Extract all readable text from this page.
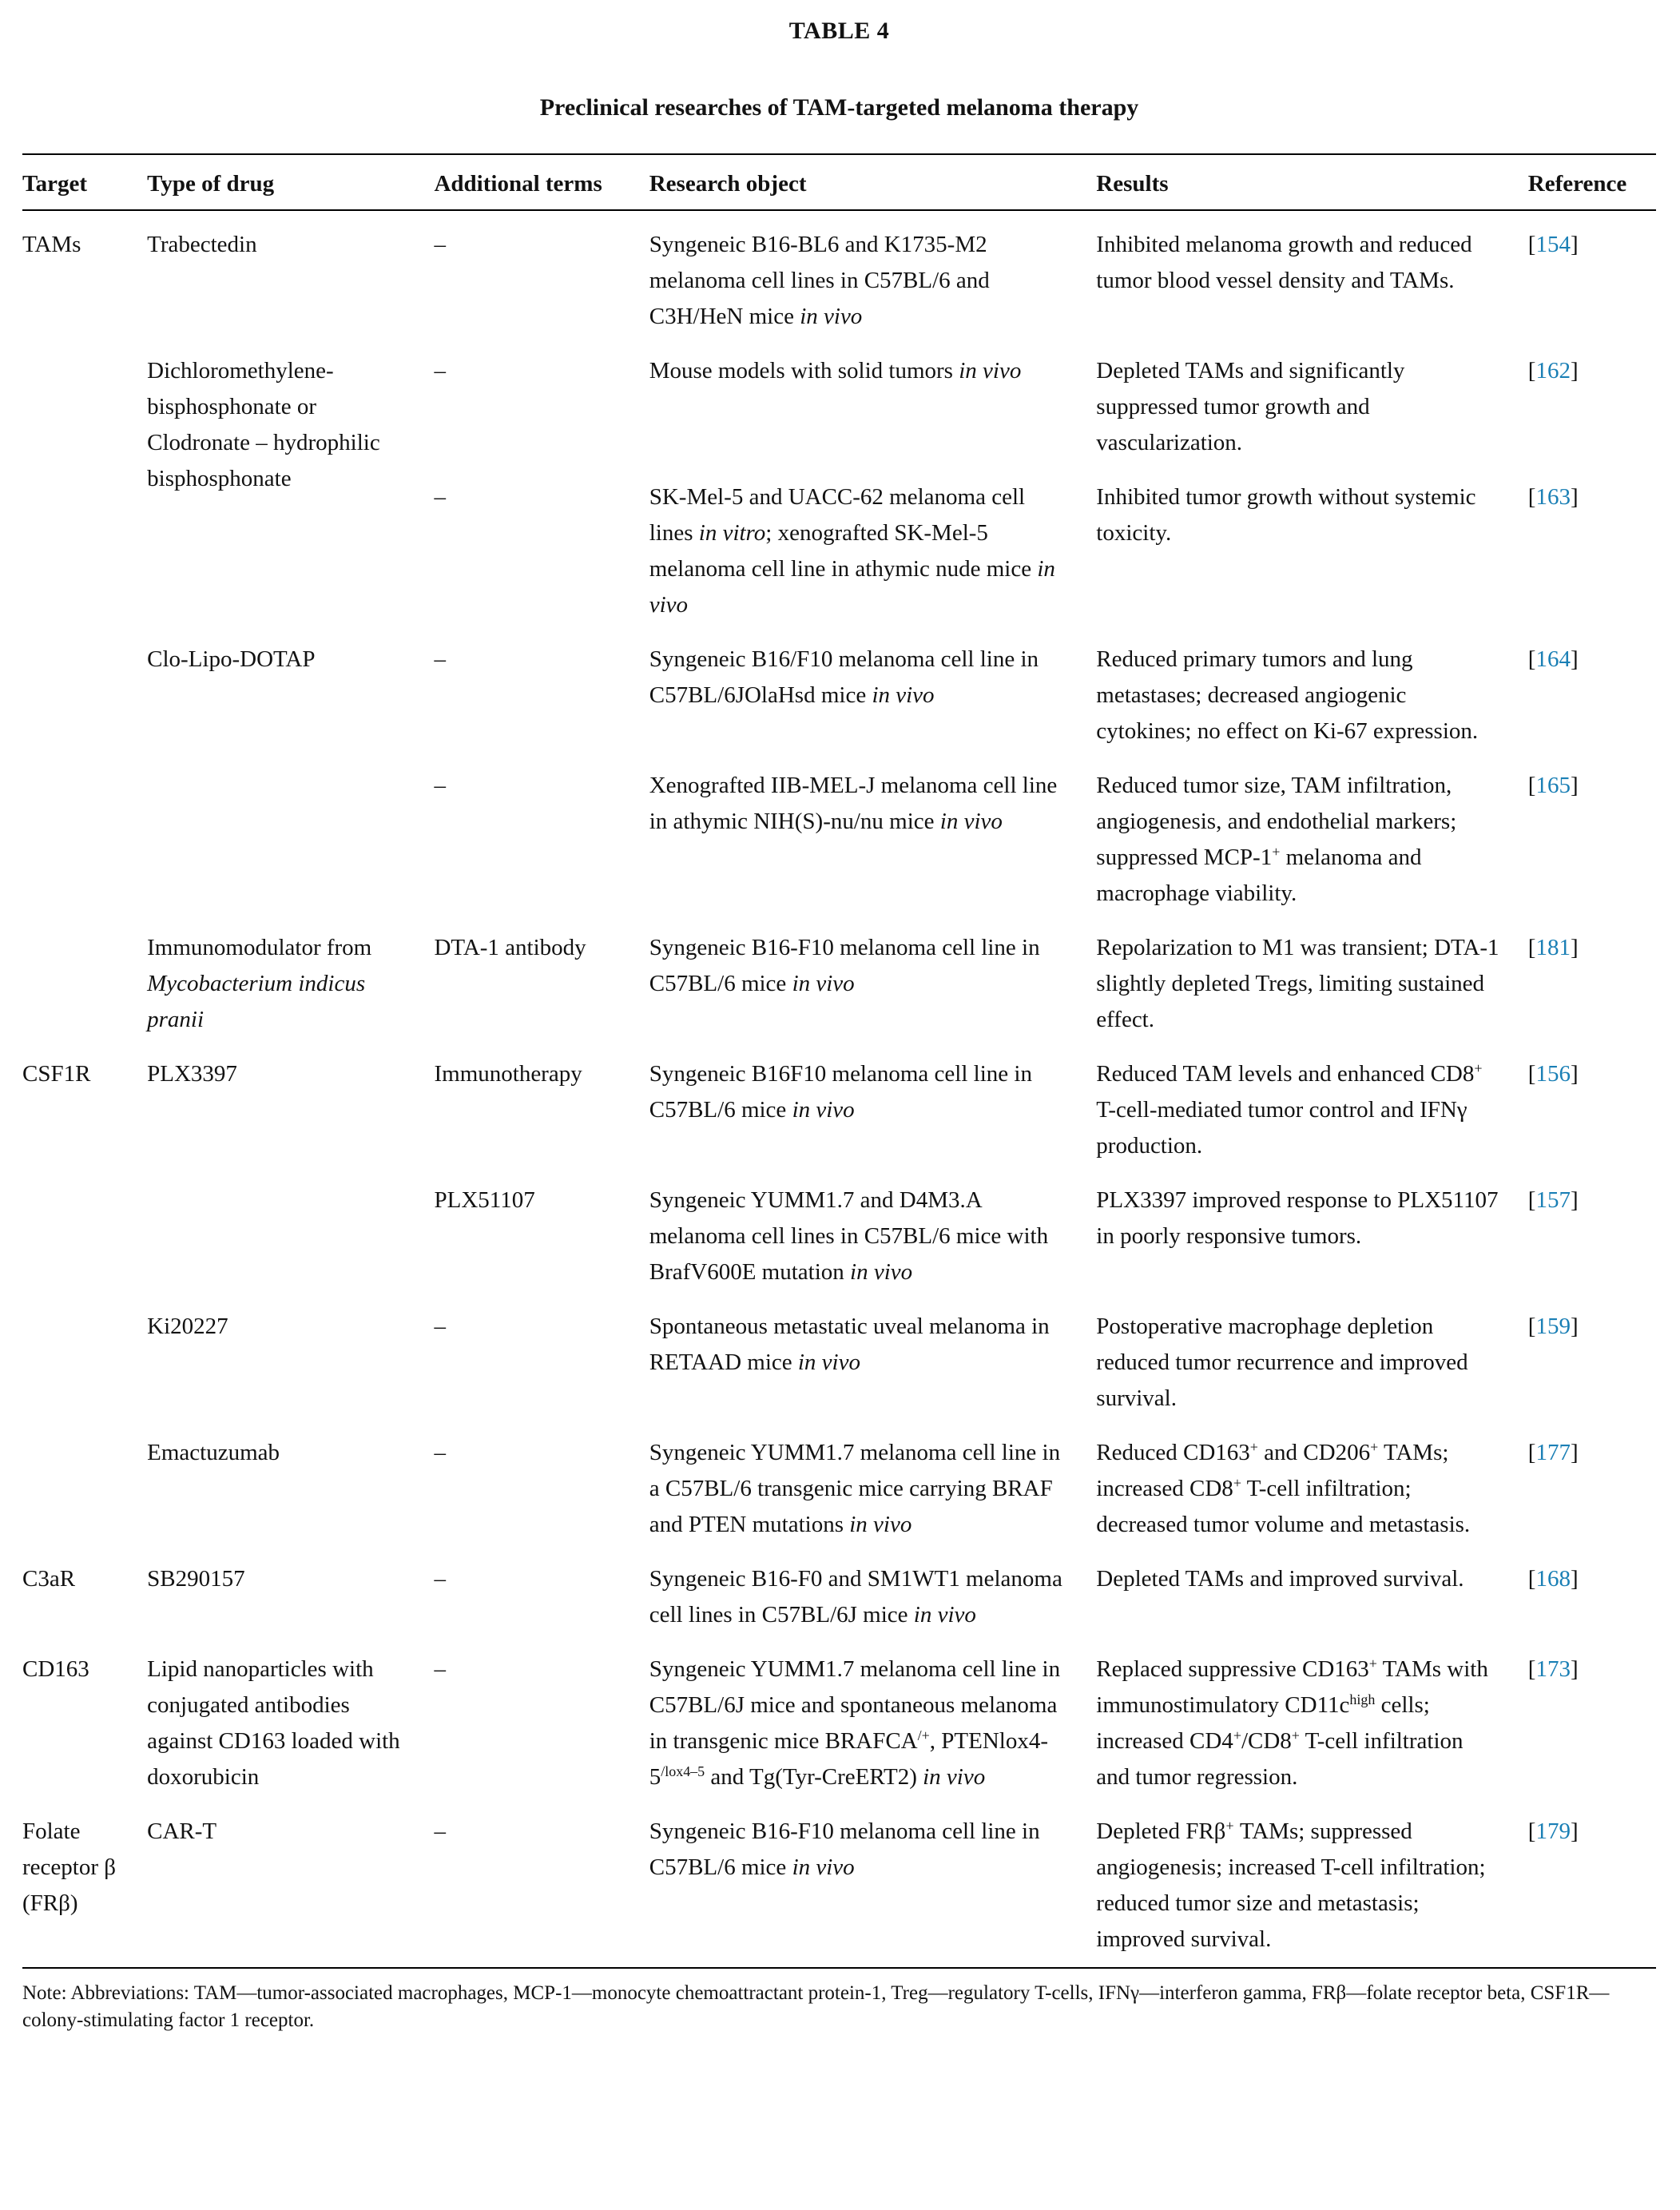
TABLE 4
Preclinical researches of TAM-targeted melanoma therapy
Target	Type of drug	Additional terms	Research object	Results	Reference
TAMs	Trabectedin	–	Syngeneic B16-BL6 and K1735-M2 melanoma cell lines in C57BL/6 and C3H/HeN mice in vivo	Inhibited melanoma growth and reduced tumor blood vessel density and TAMs.	[154]
	Dichloromethylene-bisphosphonate or Clodronate – hydrophilic bisphosphonate	–	Mouse models with solid tumors in vivo	Depleted TAMs and significantly suppressed tumor growth and vascularization.	[162]
		–	SK-Mel-5 and UACC-62 melanoma cell lines in vitro; xenografted SK-Mel-5 melanoma cell line in athymic nude mice in vivo	Inhibited tumor growth without systemic toxicity.	[163]
	Clo-Lipo-DOTAP	–	Syngeneic B16/F10 melanoma cell line in C57BL/6JOlaHsd mice in vivo	Reduced primary tumors and lung metastases; decreased angiogenic cytokines; no effect on Ki-67 expression.	[164]
		–	Xenografted IIB-MEL-J melanoma cell line in athymic NIH(S)-nu/nu mice in vivo	Reduced tumor size, TAM infiltration, angiogenesis, and endothelial markers; suppressed MCP-1+ melanoma and macrophage viability.	[165]
	Immunomodulator from Mycobacterium indicus pranii	DTA-1 antibody	Syngeneic B16-F10 melanoma cell line in C57BL/6 mice in vivo	Repolarization to M1 was transient; DTA-1 slightly depleted Tregs, limiting sustained effect.	[181]
CSF1R	PLX3397	Immunotherapy	Syngeneic B16F10 melanoma cell line in C57BL/6 mice in vivo	Reduced TAM levels and enhanced CD8+ T-cell-mediated tumor control and IFNγ production.	[156]
		PLX51107	Syngeneic YUMM1.7 and D4M3.A melanoma cell lines in C57BL/6 mice with BrafV600E mutation in vivo	PLX3397 improved response to PLX51107 in poorly responsive tumors.	[157]
	Ki20227	–	Spontaneous metastatic uveal melanoma in RETAAD mice in vivo	Postoperative macrophage depletion reduced tumor recurrence and improved survival.	[159]
	Emactuzumab	–	Syngeneic YUMM1.7 melanoma cell line in a C57BL/6 transgenic mice carrying BRAF and PTEN mutations in vivo	Reduced CD163+ and CD206+ TAMs; increased CD8+ T-cell infiltration; decreased tumor volume and metastasis.	[177]
C3aR	SB290157	–	Syngeneic B16-F0 and SM1WT1 melanoma cell lines in C57BL/6J mice in vivo	Depleted TAMs and improved survival.	[168]
CD163	Lipid nanoparticles with conjugated antibodies against CD163 loaded with doxorubicin	–	Syngeneic YUMM1.7 melanoma cell line in C57BL/6J mice and spontaneous melanoma in transgenic mice BRAFCA/+, $PTENlox4-5^{/lox4-5}$ and Tg(Tyr-CreERT2) in vivo	Replaced suppressive CD163+ TAMs with immunostimulatory $CD11c^{high}$ cells; increased CD4+/CD8+ T-cell infiltration and tumor regression.	[173]
Folate receptor β (FRβ)	CAR-T	–	Syngeneic B16-F10 melanoma cell line in C57BL/6 mice in vivo	Depleted FRβ+ TAMs; suppressed angiogenesis; increased T-cell infiltration; reduced tumor size and metastasis; improved survival.	[179]
Note: Abbreviations: TAM—tumor-associated macrophages, MCP-1—monocyte chemoattractant protein-1, Treg—regulatory T-cells, IFNγ—interferon gamma, FRβ—folate receptor beta, CSF1R—colony-stimulating factor 1 receptor.
